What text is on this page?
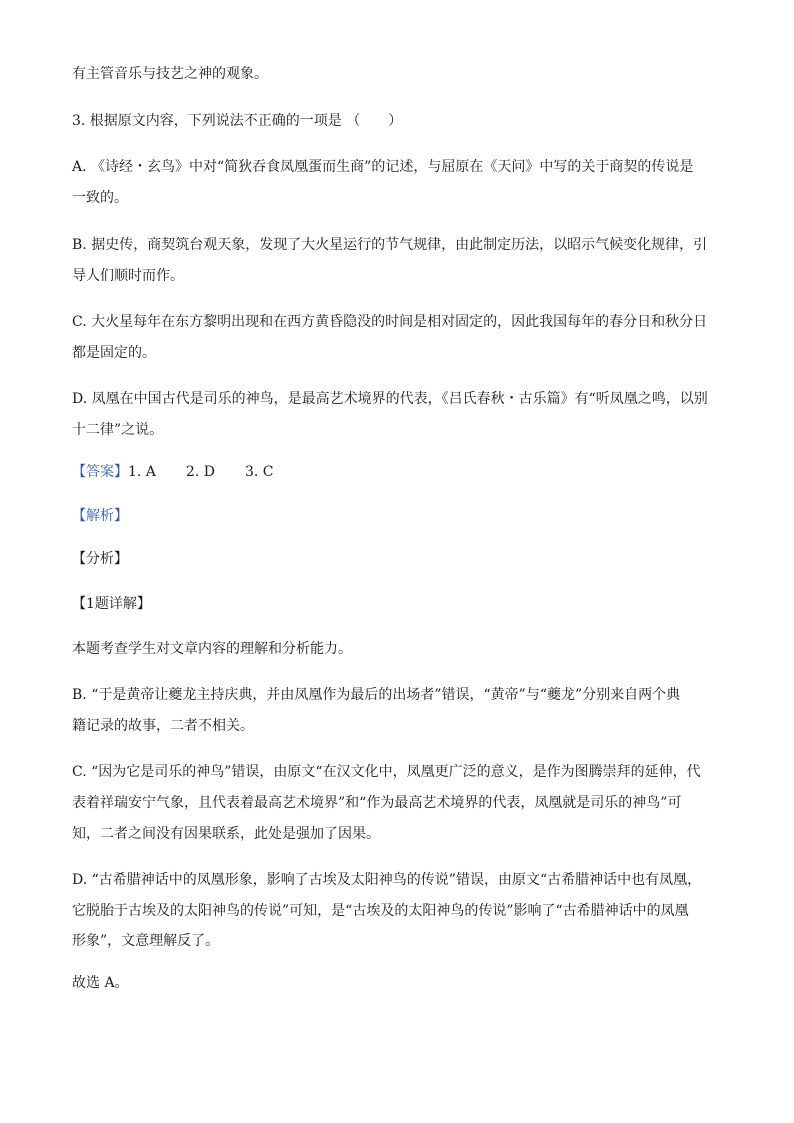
有主管音乐与技艺之神的观象。
3. 根据原文内容，下列说法不正确的一项是 （　　）
A. 《诗经・玄鸟》中对“简狄吞食凤凰蛋而生商”的记述，与屈原在《天问》中写的关于商契的传说是
一致的。
B. 据史传，商契筑台观天象，发现了大火星运行的节气规律，由此制定历法，以昭示气候变化规律，引
导人们顺时而作。
C. 大火星每年在东方黎明出现和在西方黄昏隐没的时间是相对固定的，因此我国每年的春分日和秋分日
都是固定的。
D. 凤凰在中国古代是司乐的神鸟，是最高艺术境界的代表，《吕氏春秋・古乐篇》有“听凤凰之鸣，以别
十二律”之说。
【答案】1. A 2. D 3. C
【解析】
【分析】
【1题详解】
本题考查学生对文章内容的理解和分析能力。
B. “于是黄帝让夔龙主持庆典，并由凤凰作为最后的出场者”错误，“黄帝”与“夔龙”分别来自两个典
籍记录的故事，二者不相关。
C. “因为它是司乐的神鸟”错误，由原文“在汉文化中，凤凰更广泛的意义，是作为图腾崇拜的延伸，代
表着祥瑞安宁气象，且代表着最高艺术境界”和“作为最高艺术境界的代表，凤凰就是司乐的神鸟”可
知，二者之间没有因果联系，此处是强加了因果。
D. “古希腊神话中的凤凰形象，影响了古埃及太阳神鸟的传说”错误，由原文“古希腊神话中也有凤凰，
它脱胎于古埃及的太阳神鸟的传说”可知，是“古埃及的太阳神鸟的传说”影响了“古希腊神话中的凤凰
形象”，文意理解反了。
故选 A。
